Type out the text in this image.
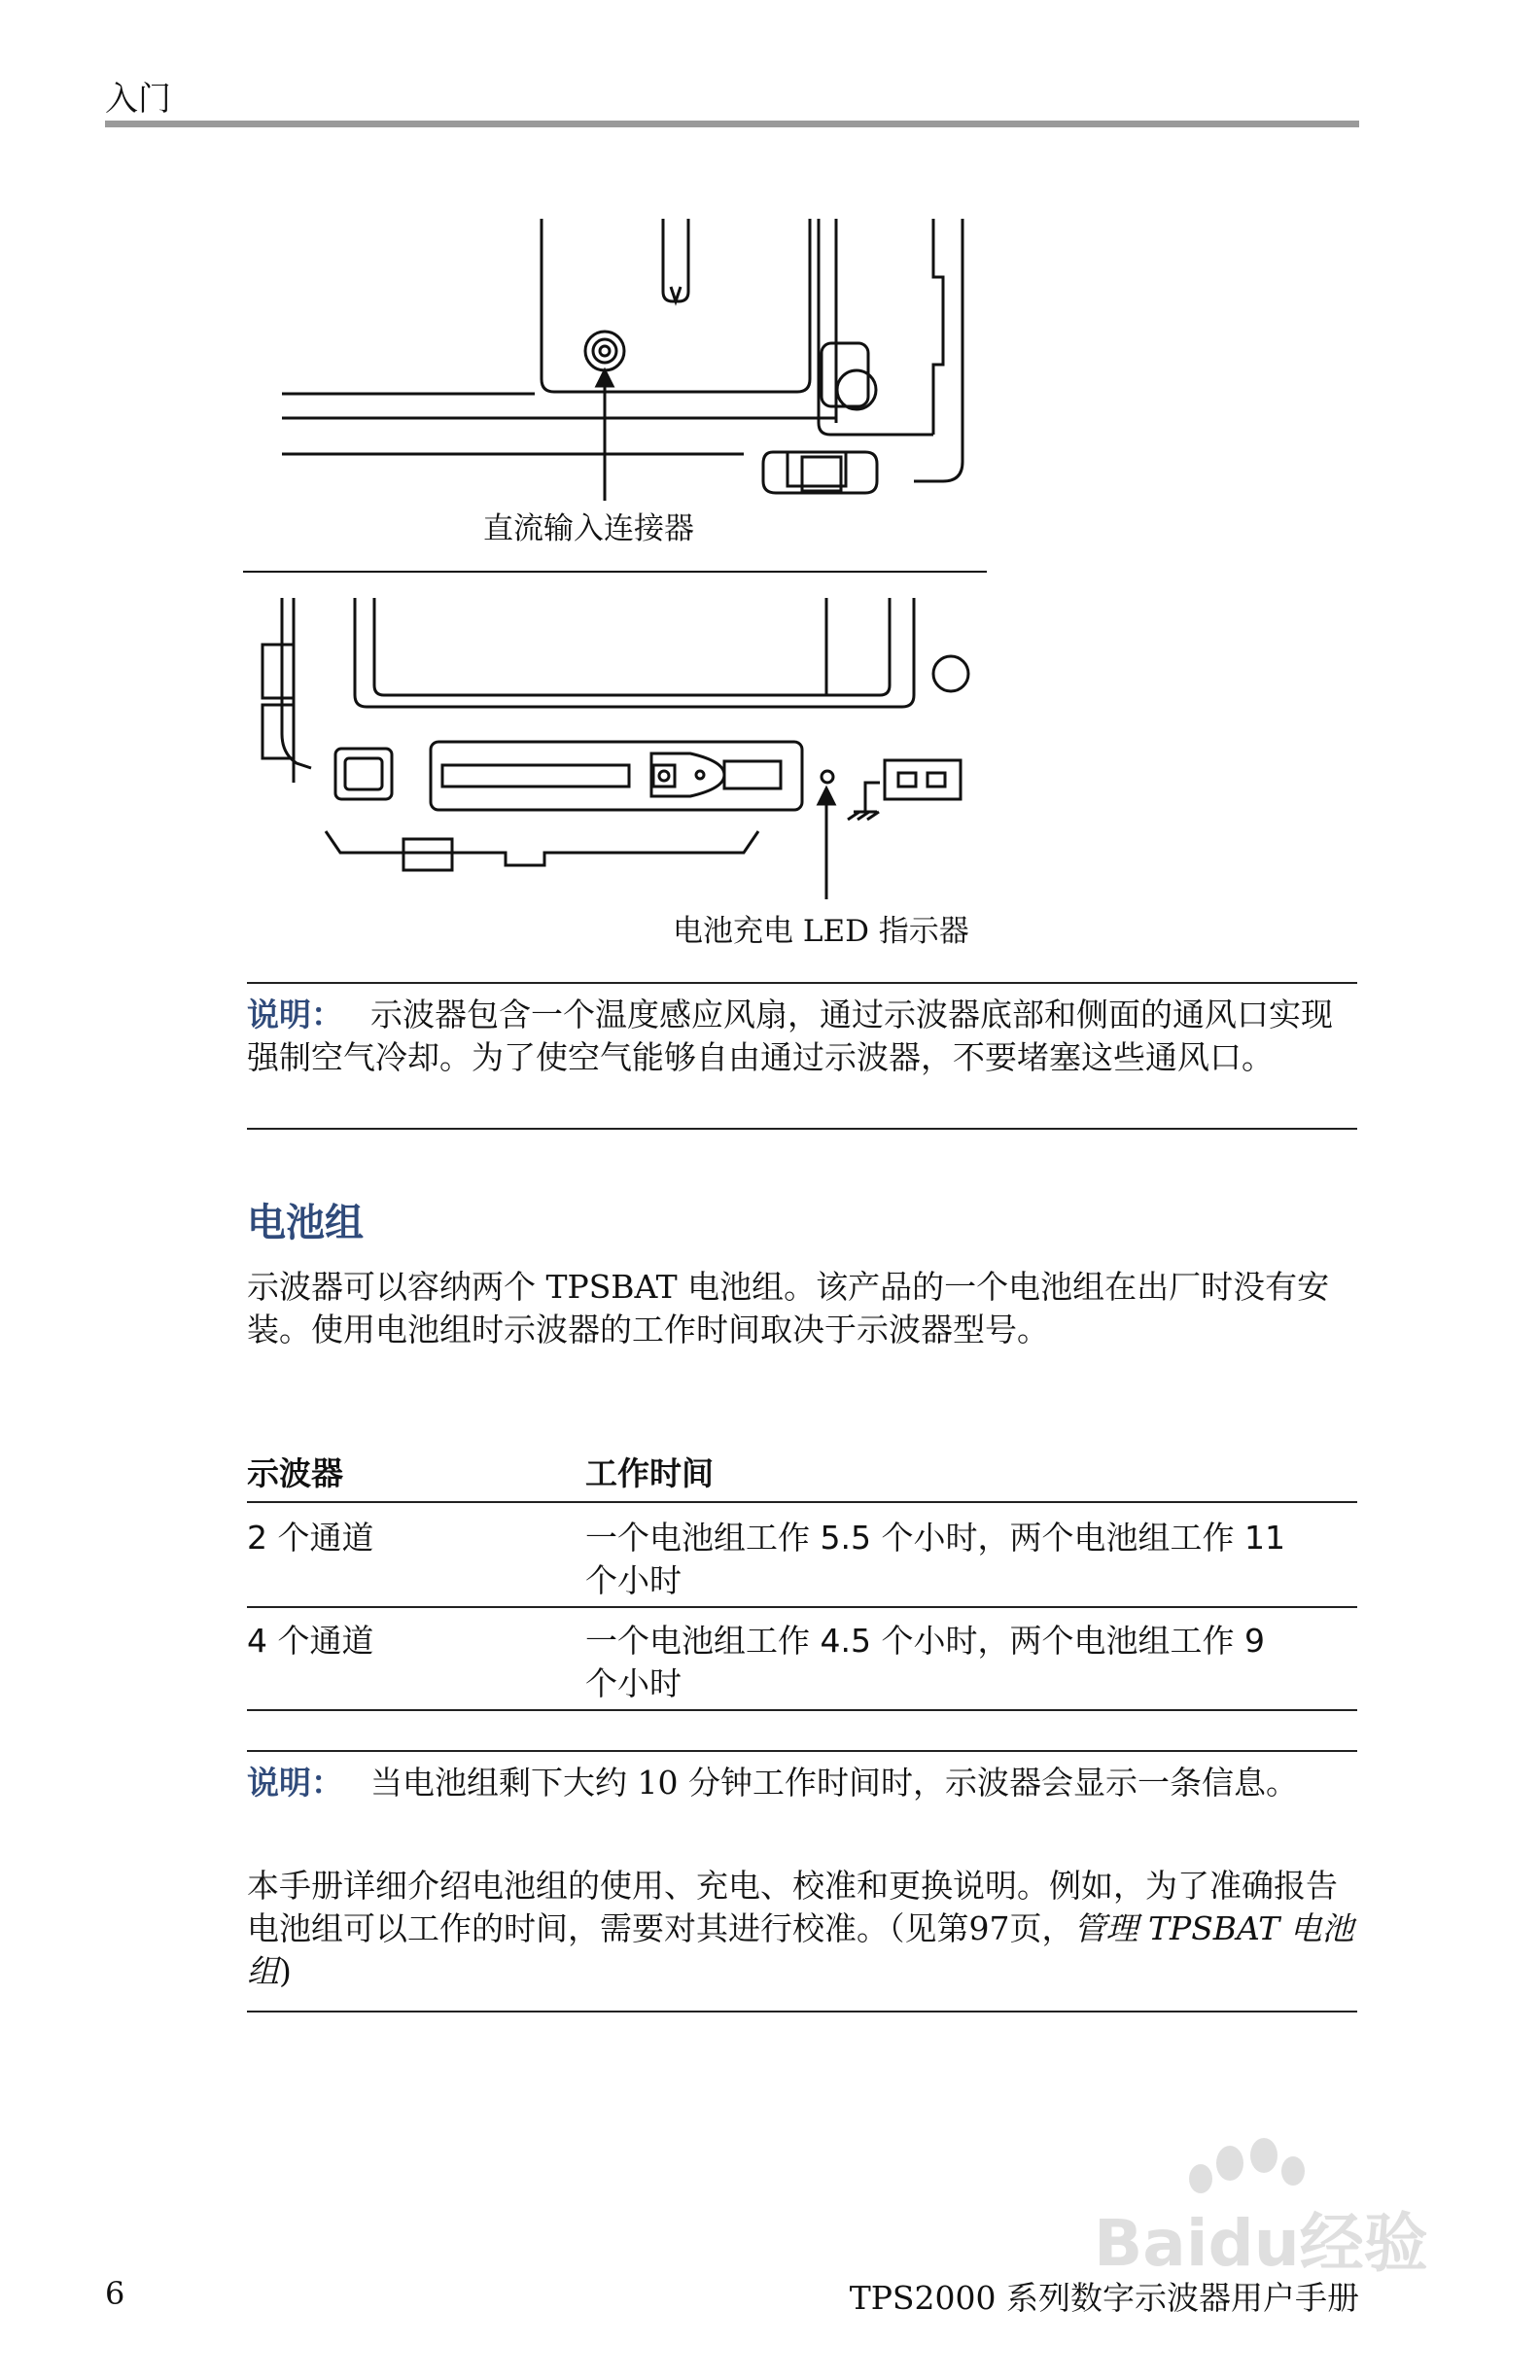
入门
直流输入连接器
电池充电 LED 指示器
说明： 示波器包含一个温度感应风扇，通过示波器底部和侧面的通风口实现强制空气冷却。为了使空气能够自由通过示波器，不要堵塞这些通风口。
电池组
示波器可以容纳两个 TPSBAT 电池组。该产品的一个电池组在出厂时没有安装。使用电池组时示波器的工作时间取决于示波器型号。
示波器	工作时间
2 个通道	一个电池组工作 5.5 个小时，两个电池组工作 11 个小时
4 个通道	一个电池组工作 4.5 个小时，两个电池组工作 9 个小时
说明： 当电池组剩下大约 10 分钟工作时间时，示波器会显示一条信息。
本手册详细介绍电池组的使用、充电、校准和更换说明。例如，为了准确报告电池组可以工作的时间，需要对其进行校准。（见第97页，管理 TPSBAT 电池组)
Baidu经验
6	TPS2000 系列数字示波器用户手册
